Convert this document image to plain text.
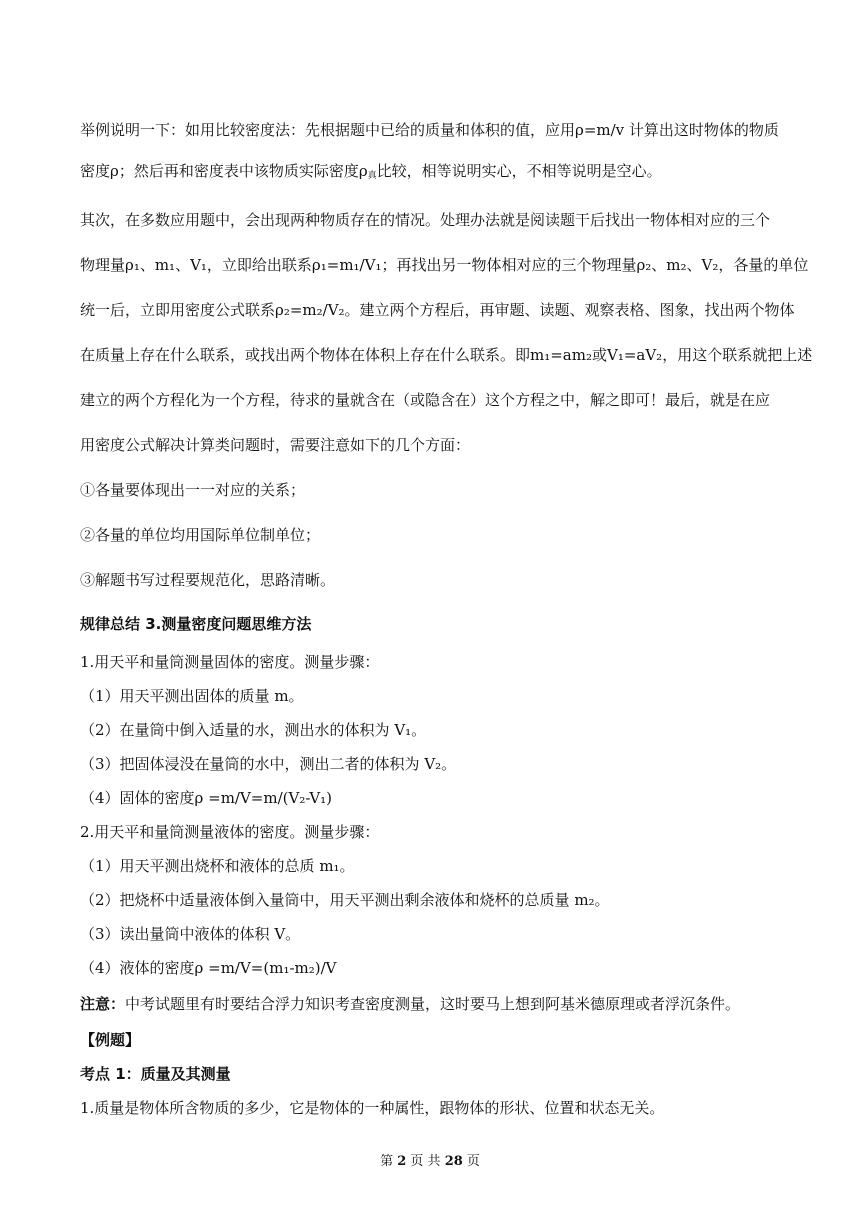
举例说明一下：如用比较密度法：先根据题中已给的质量和体积的值，应用ρ=m/v 计算出这时物体的物质
密度ρ；然后再和密度表中该物质实际密度$\rho_真$比较，相等说明实心，不相等说明是空心。
其次，在多数应用题中，会出现两种物质存在的情况。处理办法就是阅读题干后找出一物体相对应的三个
物理量ρ₁、m₁、V₁，立即给出联系ρ₁=m₁/V₁；再找出另一物体相对应的三个物理量ρ₂、m₂、V₂，各量的单位
统一后，立即用密度公式联系ρ₂=m₂/V₂。建立两个方程后，再审题、读题、观察表格、图象，找出两个物体
在质量上存在什么联系，或找出两个物体在体积上存在什么联系。即m₁=am₂或V₁=aV₂，用这个联系就把上述
建立的两个方程化为一个方程，待求的量就含在（或隐含在）这个方程之中，解之即可！最后，就是在应
用密度公式解决计算类问题时，需要注意如下的几个方面：
①各量要体现出一一对应的关系；
②各量的单位均用国际单位制单位；
③解题书写过程要规范化，思路清晰。
规律总结 3.测量密度问题思维方法
1.用天平和量筒测量固体的密度。测量步骤：
（1）用天平测出固体的质量 m。
（2）在量筒中倒入适量的水，测出水的体积为 V₁。
（3）把固体浸没在量筒的水中，测出二者的体积为 V₂。
（4）固体的密度ρ =m/V=m/(V₂-V₁)
2.用天平和量筒测量液体的密度。测量步骤：
（1）用天平测出烧杯和液体的总质 m₁。
（2）把烧杯中适量液体倒入量筒中，用天平测出剩余液体和烧杯的总质量 m₂。
（3）读出量筒中液体的体积 V。
（4）液体的密度ρ =m/V=(m₁-m₂)/V
注意：中考试题里有时要结合浮力知识考查密度测量，这时要马上想到阿基米德原理或者浮沉条件。
【例题】
考点 1：质量及其测量
1.质量是物体所含物质的多少，它是物体的一种属性，跟物体的形状、位置和状态无关。
第 2 页 共 28 页
